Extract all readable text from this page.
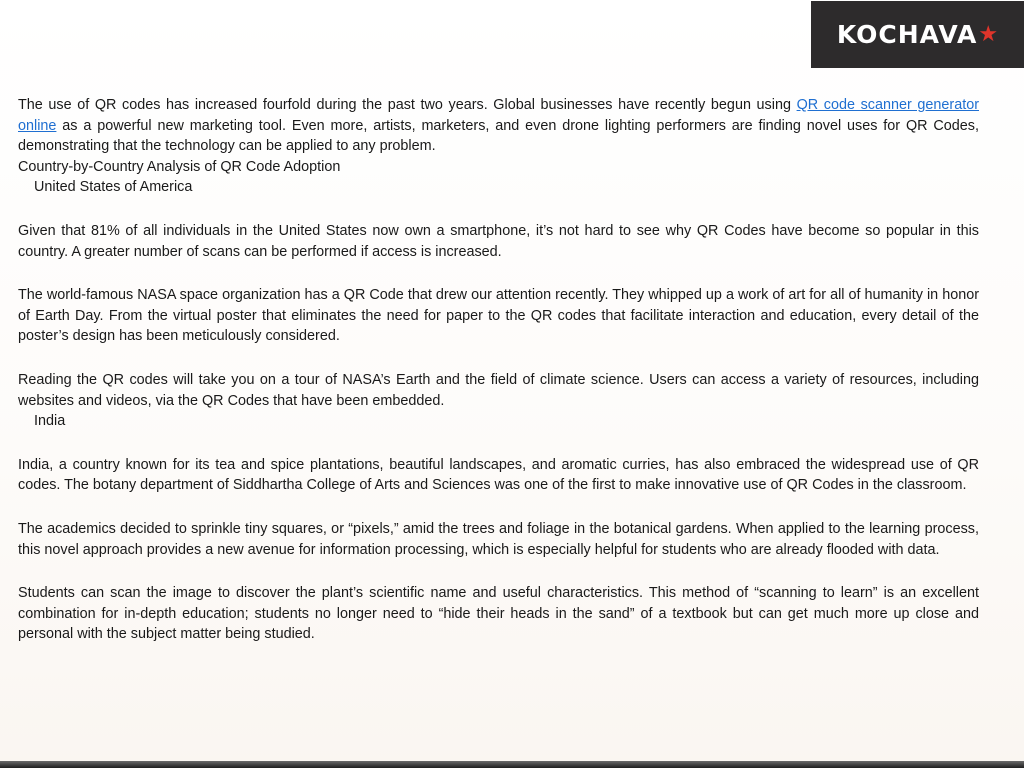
KOCHAVA ★

The use of QR codes has increased fourfold during the past two years. Global businesses have recently begun using QR code scanner generator online as a powerful new marketing tool. Even more, artists, marketers, and even drone lighting performers are finding novel uses for QR Codes, demonstrating that the technology can be applied to any problem.

Country-by-Country Analysis of QR Code Adoption

United States of America

Given that 81% of all individuals in the United States now own a smartphone, it’s not hard to see why QR Codes have become so popular in this country. A greater number of scans can be performed if access is increased.

The world-famous NASA space organization has a QR Code that drew our attention recently. They whipped up a work of art for all of humanity in honor of Earth Day. From the virtual poster that eliminates the need for paper to the QR codes that facilitate interaction and education, every detail of the poster’s design has been meticulously considered.

Reading the QR codes will take you on a tour of NASA’s Earth and the field of climate science. Users can access a variety of resources, including websites and videos, via the QR Codes that have been embedded.

India

India, a country known for its tea and spice plantations, beautiful landscapes, and aromatic curries, has also embraced the widespread use of QR codes. The botany department of Siddhartha College of Arts and Sciences was one of the first to make innovative use of QR Codes in the classroom.

The academics decided to sprinkle tiny squares, or “pixels,” amid the trees and foliage in the botanical gardens. When applied to the learning process, this novel approach provides a new avenue for information processing, which is especially helpful for students who are already flooded with data.

Students can scan the image to discover the plant’s scientific name and useful characteristics. This method of “scanning to learn” is an excellent combination for in-depth education; students no longer need to “hide their heads in the sand” of a textbook but can get much more up close and personal with the subject matter being studied.
